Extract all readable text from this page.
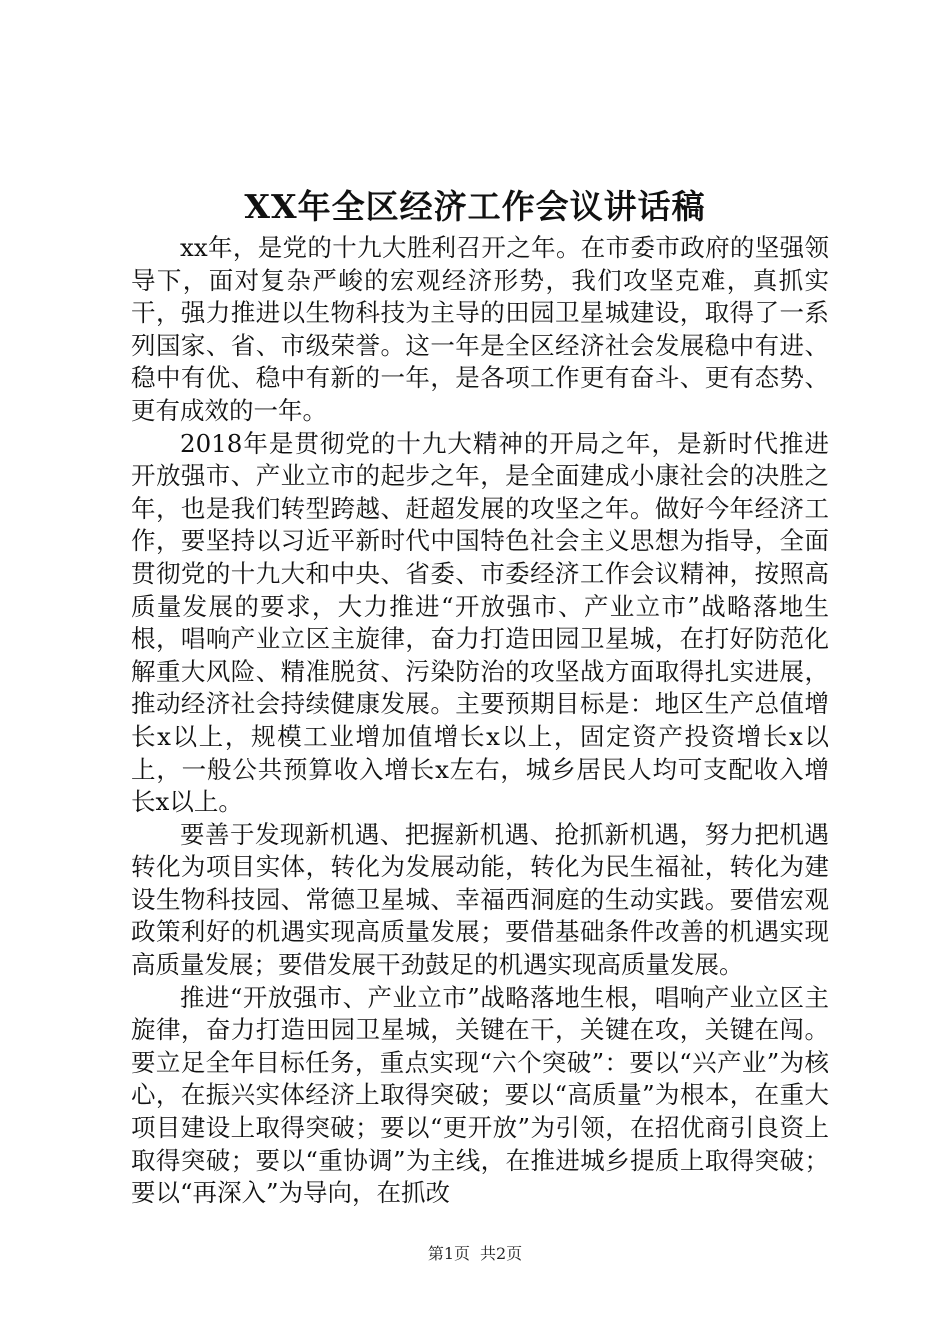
XX年全区经济工作会议讲话稿

xx年，是党的十九大胜利召开之年。在市委市政府的坚强领导下，面对复杂严峻的宏观经济形势，我们攻坚克难，真抓实干，强力推进以生物科技为主导的田园卫星城建设，取得了一系列国家、省、市级荣誉。这一年是全区经济社会发展稳中有进、稳中有优、稳中有新的一年，是各项工作更有奋斗、更有态势、更有成效的一年。

2018年是贯彻党的十九大精神的开局之年，是新时代推进开放强市、产业立市的起步之年，是全面建成小康社会的决胜之年，也是我们转型跨越、赶超发展的攻坚之年。做好今年经济工作，要坚持以习近平新时代中国特色社会主义思想为指导，全面贯彻党的十九大和中央、省委、市委经济工作会议精神，按照高质量发展的要求，大力推进“开放强市、产业立市”战略落地生根，唱响产业立区主旋律，奋力打造田园卫星城，在打好防范化解重大风险、精准脱贫、污染防治的攻坚战方面取得扎实进展，推动经济社会持续健康发展。主要预期目标是：地区生产总值增长x以上，规模工业增加值增长x以上，固定资产投资增长x以上，一般公共预算收入增长x左右，城乡居民人均可支配收入增长x以上。

要善于发现新机遇、把握新机遇、抢抓新机遇，努力把机遇转化为项目实体，转化为发展动能，转化为民生福祉，转化为建设生物科技园、常德卫星城、幸福西洞庭的生动实践。要借宏观政策利好的机遇实现高质量发展；要借基础条件改善的机遇实现高质量发展；要借发展干劲鼓足的机遇实现高质量发展。

推进“开放强市、产业立市”战略落地生根，唱响产业立区主旋律，奋力打造田园卫星城，关键在干，关键在攻，关键在闯。要立足全年目标任务，重点实现“六个突破”：要以“兴产业”为核心，在振兴实体经济上取得突破；要以“高质量”为根本，在重大项目建设上取得突破；要以“更开放”为引领，在招优商引良资上取得突破；要以“重协调”为主线，在推进城乡提质上取得突破；要以“再深入”为导向，在抓改

第1页 共2页
